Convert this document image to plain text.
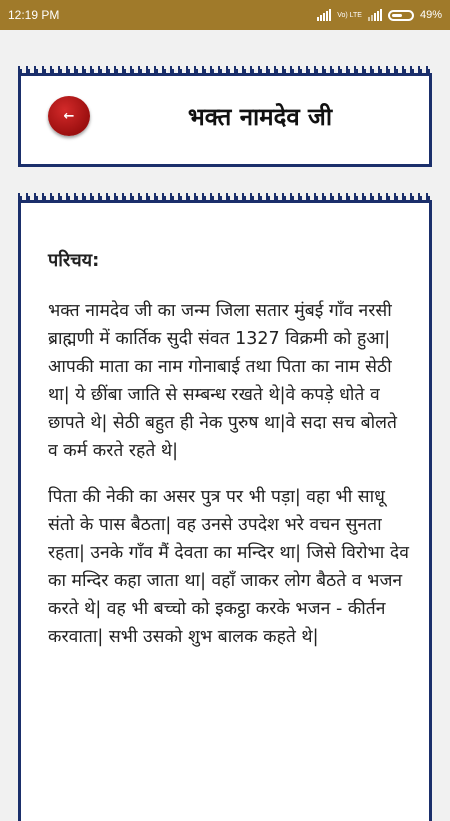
12:19 PM	Vo) LTE	49%
←	भक्त नामदेव जी
परिचय:

भक्त नामदेव जी का जन्म जिला सतार मुंबई गाँव नरसी ब्राह्मणी में कार्तिक सुदी संवत 1327 विक्रमी को हुआ| आपकी माता का नाम गोनाबाई तथा पिता का नाम सेठी था| ये छींबा जाति से सम्बन्ध रखते थे|वे कपड़े धोते व छापते थे| सेठी बहुत ही नेक पुरुष था|वे सदा सच बोलते व कर्म करते रहते थे|

पिता की नेकी का असर पुत्र पर भी पड़ा| वहा भी साधू संतो के पास बैठता| वह उनसे उपदेश भरे वचन सुनता रहता| उनके गाँव मैं देवता का मन्दिर था| जिसे विरोभा देव का मन्दिर कहा जाता था| वहाँ जाकर लोग बैठते व भजन करते थे| वह भी बच्चो को इकट्ठा करके भजन - कीर्तन करवाता| सभी उसको शुभ बालक कहते थे|
